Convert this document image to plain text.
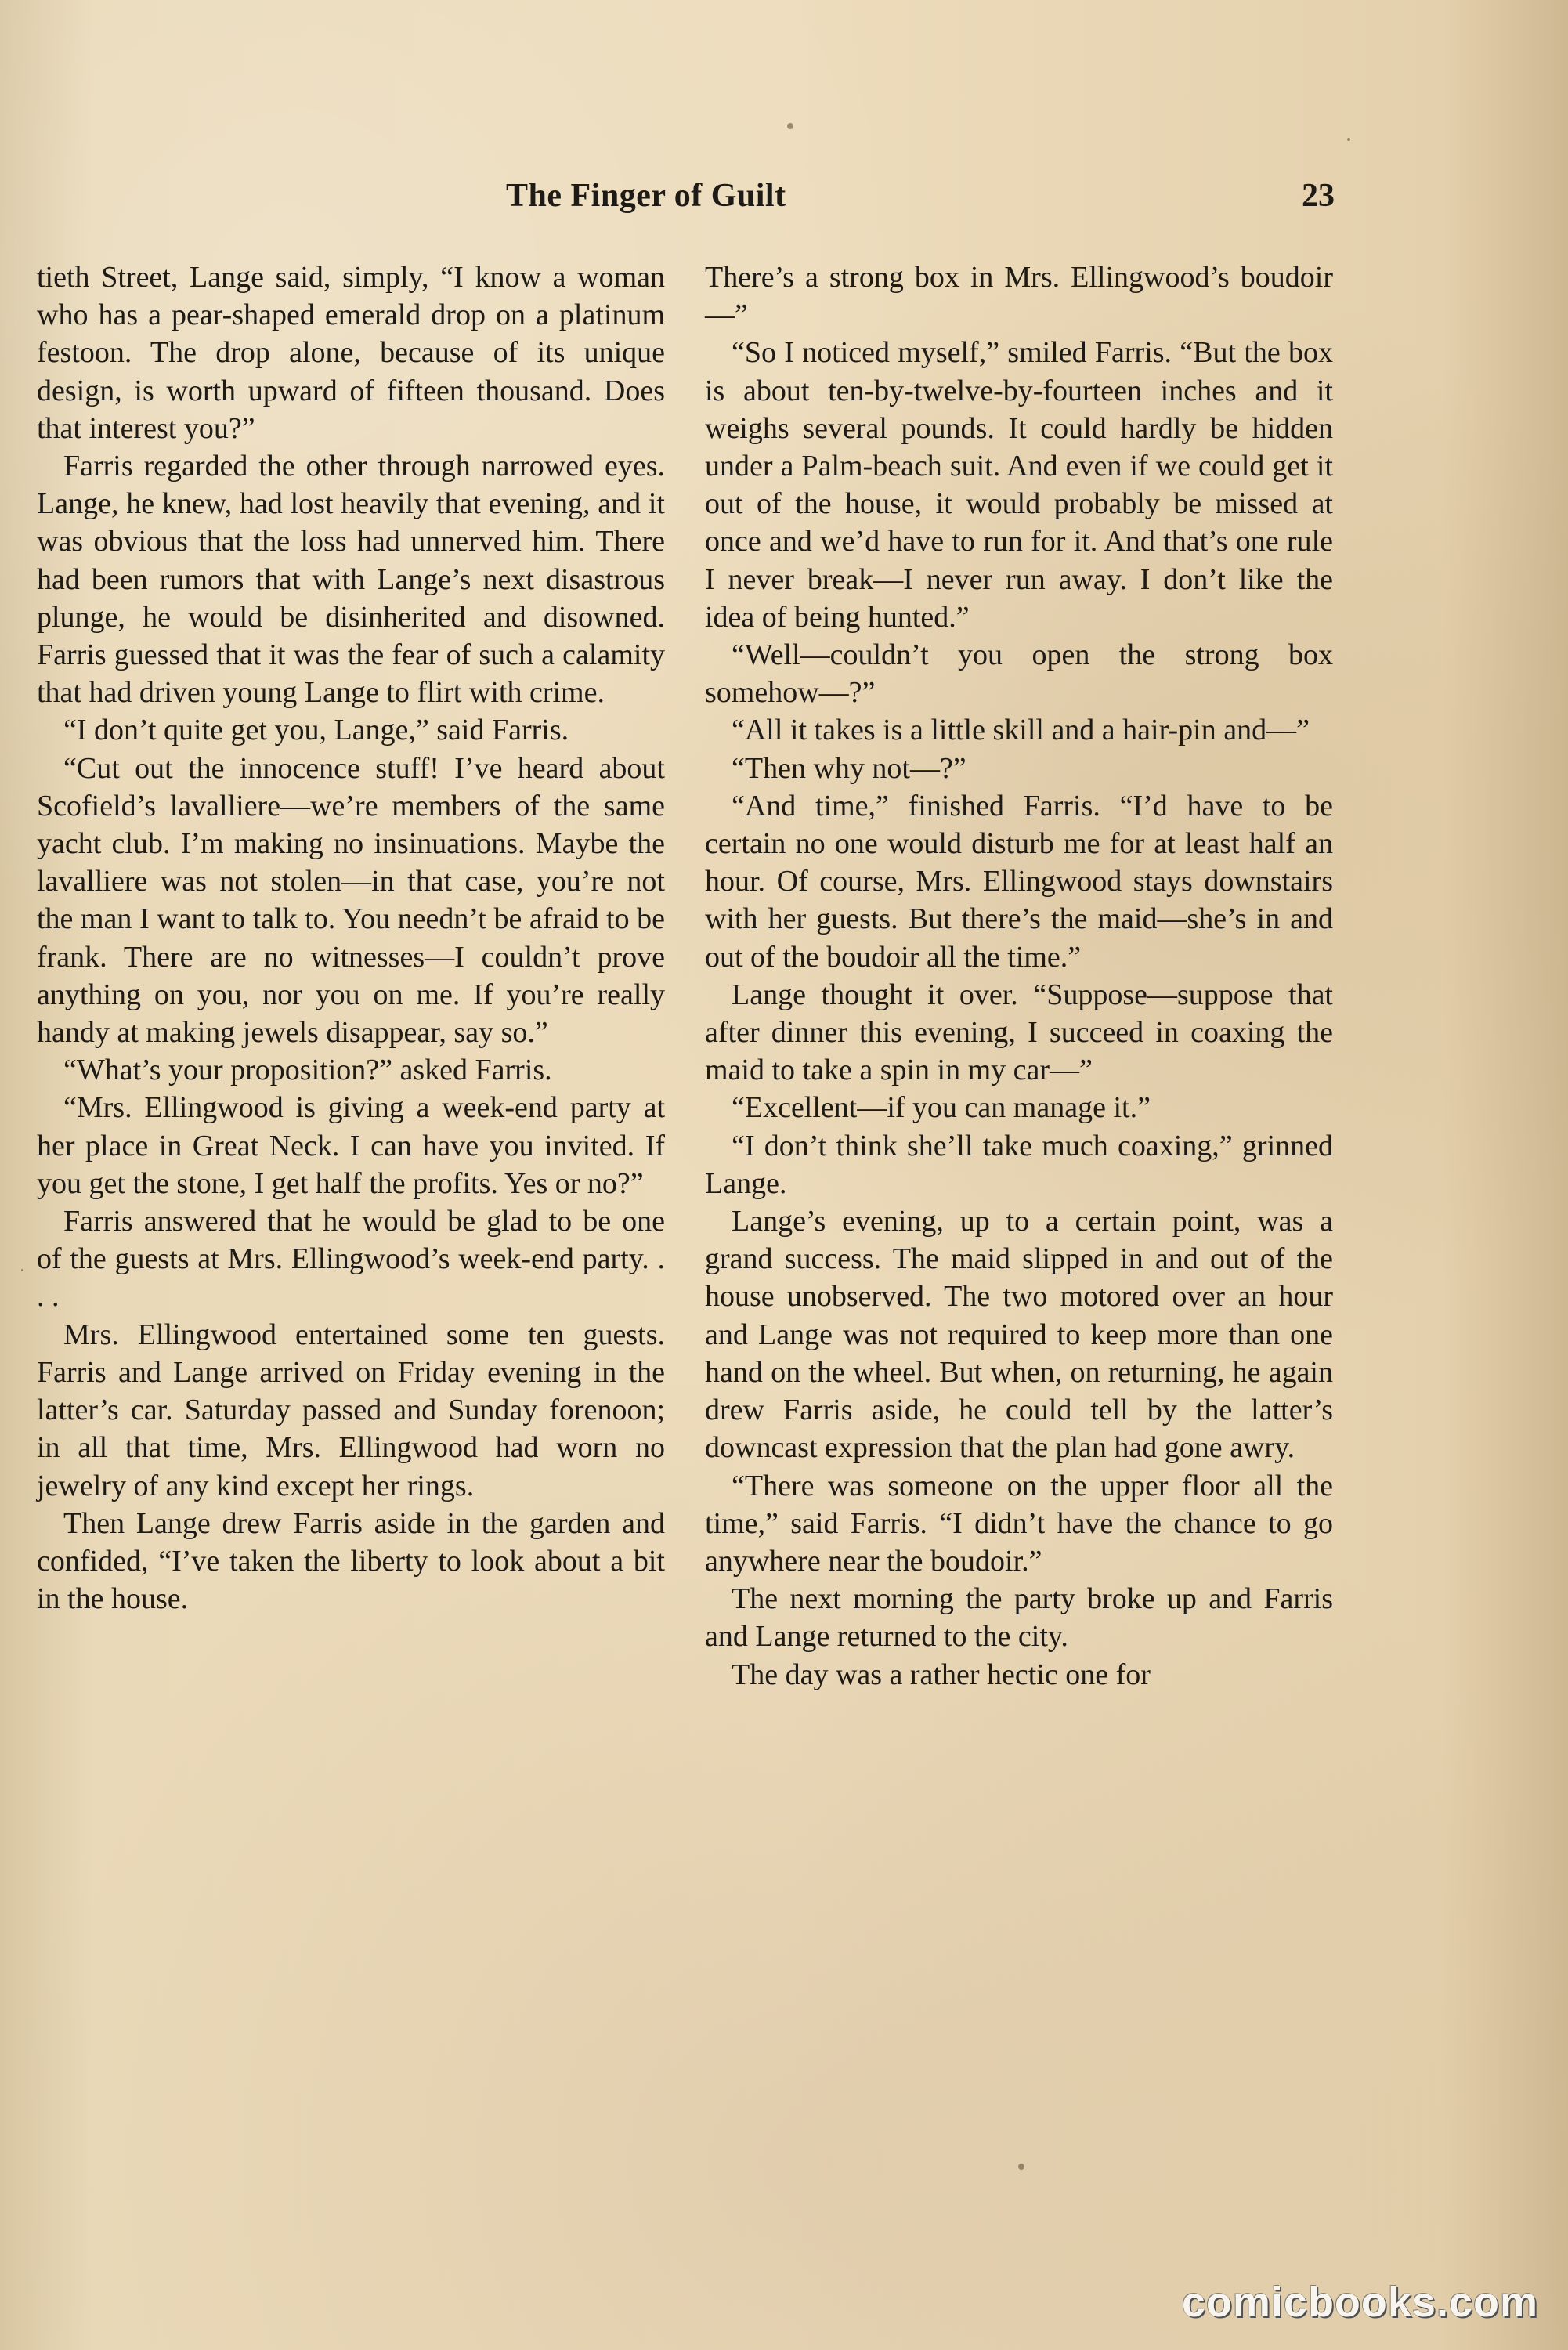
The Finger of Guilt	23

tieth Street, Lange said, simply, “I know a woman who has a pear-shaped emerald drop on a platinum festoon. The drop alone, because of its unique design, is worth upward of fifteen thousand. Does that interest you?”

Farris regarded the other through narrowed eyes. Lange, he knew, had lost heavily that evening, and it was obvious that the loss had unnerved him. There had been rumors that with Lange’s next disastrous plunge, he would be disinherited and disowned. Farris guessed that it was the fear of such a calamity that had driven young Lange to flirt with crime.

“I don’t quite get you, Lange,” said Farris.

“Cut out the innocence stuff! I’ve heard about Scofield’s lavalliere—we’re members of the same yacht club. I’m making no insinuations. Maybe the lavalliere was not stolen—in that case, you’re not the man I want to talk to. You needn’t be afraid to be frank. There are no witnesses—I couldn’t prove anything on you, nor you on me. If you’re really handy at making jewels disappear, say so.”

“What’s your proposition?” asked Farris.

“Mrs. Ellingwood is giving a week-end party at her place in Great Neck. I can have you invited. If you get the stone, I get half the profits. Yes or no?”

Farris answered that he would be glad to be one of the guests at Mrs. Ellingwood’s week-end party. . . .

Mrs. Ellingwood entertained some ten guests. Farris and Lange arrived on Friday evening in the latter’s car. Saturday passed and Sunday forenoon; in all that time, Mrs. Ellingwood had worn no jewelry of any kind except her rings.

Then Lange drew Farris aside in the garden and confided, “I’ve taken the liberty to look about a bit in the house.

There’s a strong box in Mrs. Ellingwood’s boudoir—”

“So I noticed myself,” smiled Farris. “But the box is about ten-by-twelve-by-fourteen inches and it weighs several pounds. It could hardly be hidden under a Palm-beach suit. And even if we could get it out of the house, it would probably be missed at once and we’d have to run for it. And that’s one rule I never break—I never run away. I don’t like the idea of being hunted.”

“Well—couldn’t you open the strong box somehow—?”

“All it takes is a little skill and a hair-pin and—”

“Then why not—?”

“And time,” finished Farris. “I’d have to be certain no one would disturb me for at least half an hour. Of course, Mrs. Ellingwood stays downstairs with her guests. But there’s the maid—she’s in and out of the boudoir all the time.”

Lange thought it over. “Suppose—suppose that after dinner this evening, I succeed in coaxing the maid to take a spin in my car—”

“Excellent—if you can manage it.”

“I don’t think she’ll take much coaxing,” grinned Lange.

Lange’s evening, up to a certain point, was a grand success. The maid slipped in and out of the house unobserved. The two motored over an hour and Lange was not required to keep more than one hand on the wheel. But when, on returning, he again drew Farris aside, he could tell by the latter’s downcast expression that the plan had gone awry.

“There was someone on the upper floor all the time,” said Farris. “I didn’t have the chance to go anywhere near the boudoir.”

The next morning the party broke up and Farris and Lange returned to the city.

The day was a rather hectic one for

comicbooks.com
